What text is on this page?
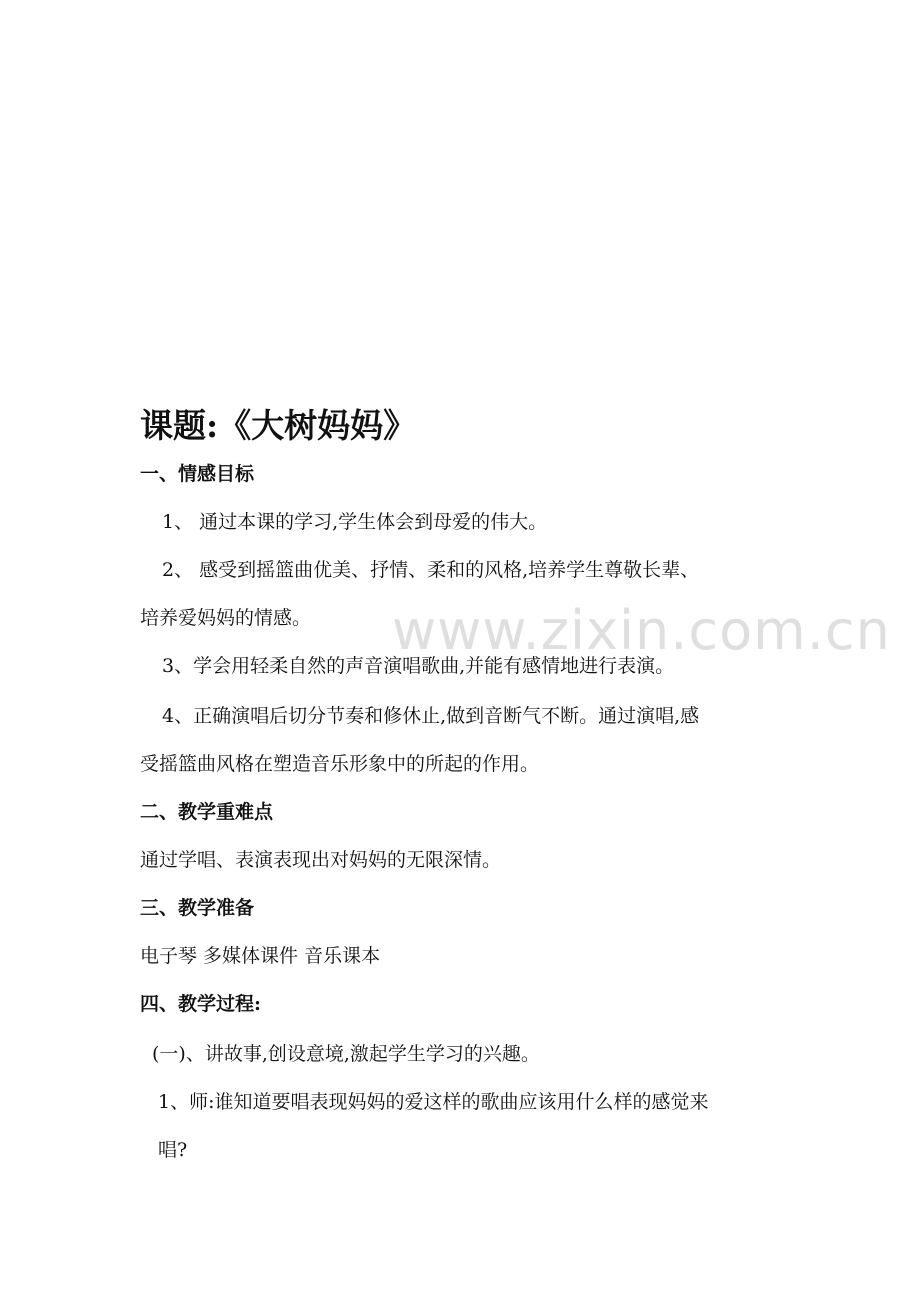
课题:《大树妈妈》
一、情感目标
1、 通过本课的学习,学生体会到母爱的伟大。
2、 感受到摇篮曲优美、抒情、柔和的风格,培养学生尊敬长辈、
培养爱妈妈的情感。
3、学会用轻柔自然的声音演唱歌曲,并能有感情地进行表演。
4、正确演唱后切分节奏和修休止,做到音断气不断。通过演唱,感
受摇篮曲风格在塑造音乐形象中的所起的作用。
二、教学重难点
通过学唱、表演表现出对妈妈的无限深情。
三、教学准备
电子琴 多媒体课件 音乐课本
四、教学过程:
(一)、讲故事,创设意境,激起学生学习的兴趣。
1、师:谁知道要唱表现妈妈的爱这样的歌曲应该用什么样的感觉来
唱?
www.zixin.com.cn
